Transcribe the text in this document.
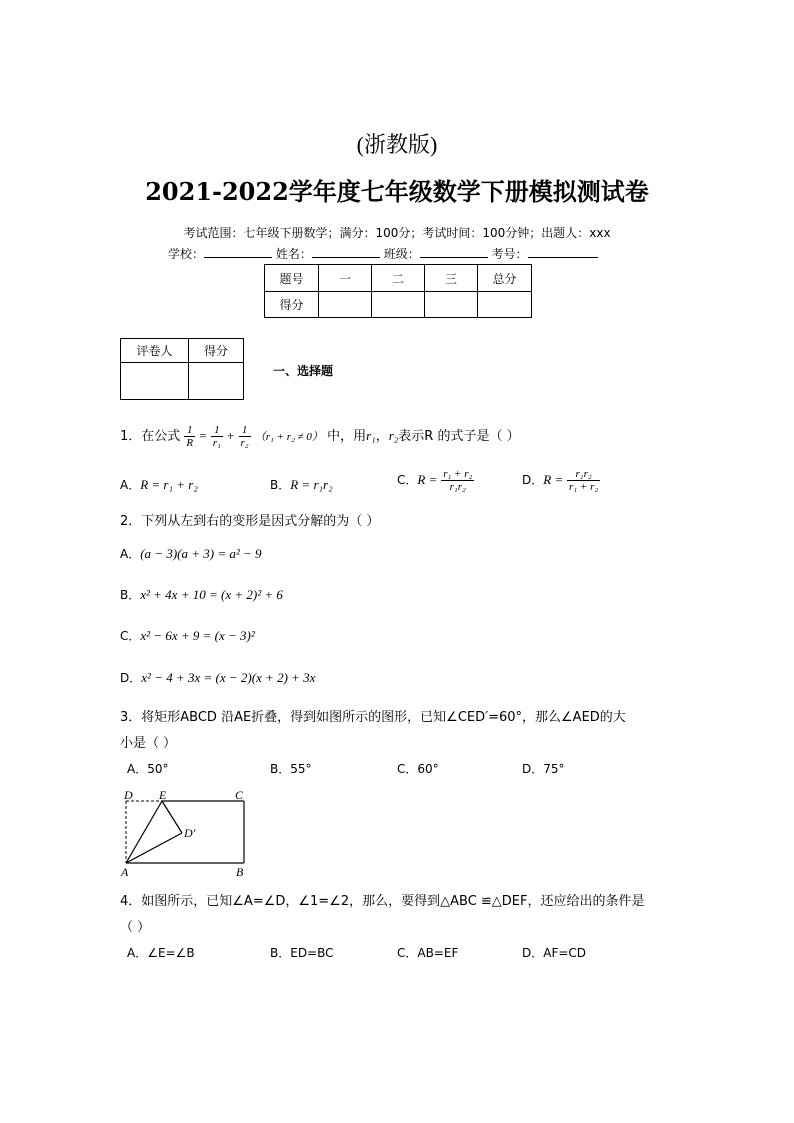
(浙教版)
2021-2022学年度七年级数学下册模拟测试卷
考试范围：七年级下册数学；满分：100分；考试时间：100分钟；出题人：xxx
学校：	姓名：	班级：	考号：
题号	一	二	三	总分
得分				
评卷人	得分

一、选择题
1．在公式 $\frac{1}{R} = \frac{1}{\text{r₁}} + \frac{1}{\text{r₂}} (r_1 + r_2 \ne 0)$ 中，用r₁，r₂表示R 的式子是（ ）
A．R = r₁ + r₂	B．R = r₁r₂	C．$R = \frac{\text{r₁ + r₂}}{\text{r₁r₂}}$	D．$R = \frac{\text{r₁r₂}}{\text{r₁ + r₂}}$
2．下列从左到右的变形是因式分解的为（ ）
A．(a − 3)(a + 3) = a² − 9
B．x² + 4x + 10 = (x + 2)² + 6
C．x² − 6x + 9 = (x − 3)²
D．x² − 4 + 3x = (x − 2)(x + 2) + 3x
3．将矩形ABCD 沿AE折叠，得到如图所示的图形，已知∠CED′=60°，那么∠AED的大
小是（ ）
A．50°	B．55°	C．60°	D．75°
D E	C
D′
A	B
4．如图所示，已知∠A=∠D，∠1=∠2，那么，要得到△ABC ≌△DEF，还应给出的条件是
（ ）
A．∠E=∠B	B．ED=BC	C．AB=EF	D．AF=CD
